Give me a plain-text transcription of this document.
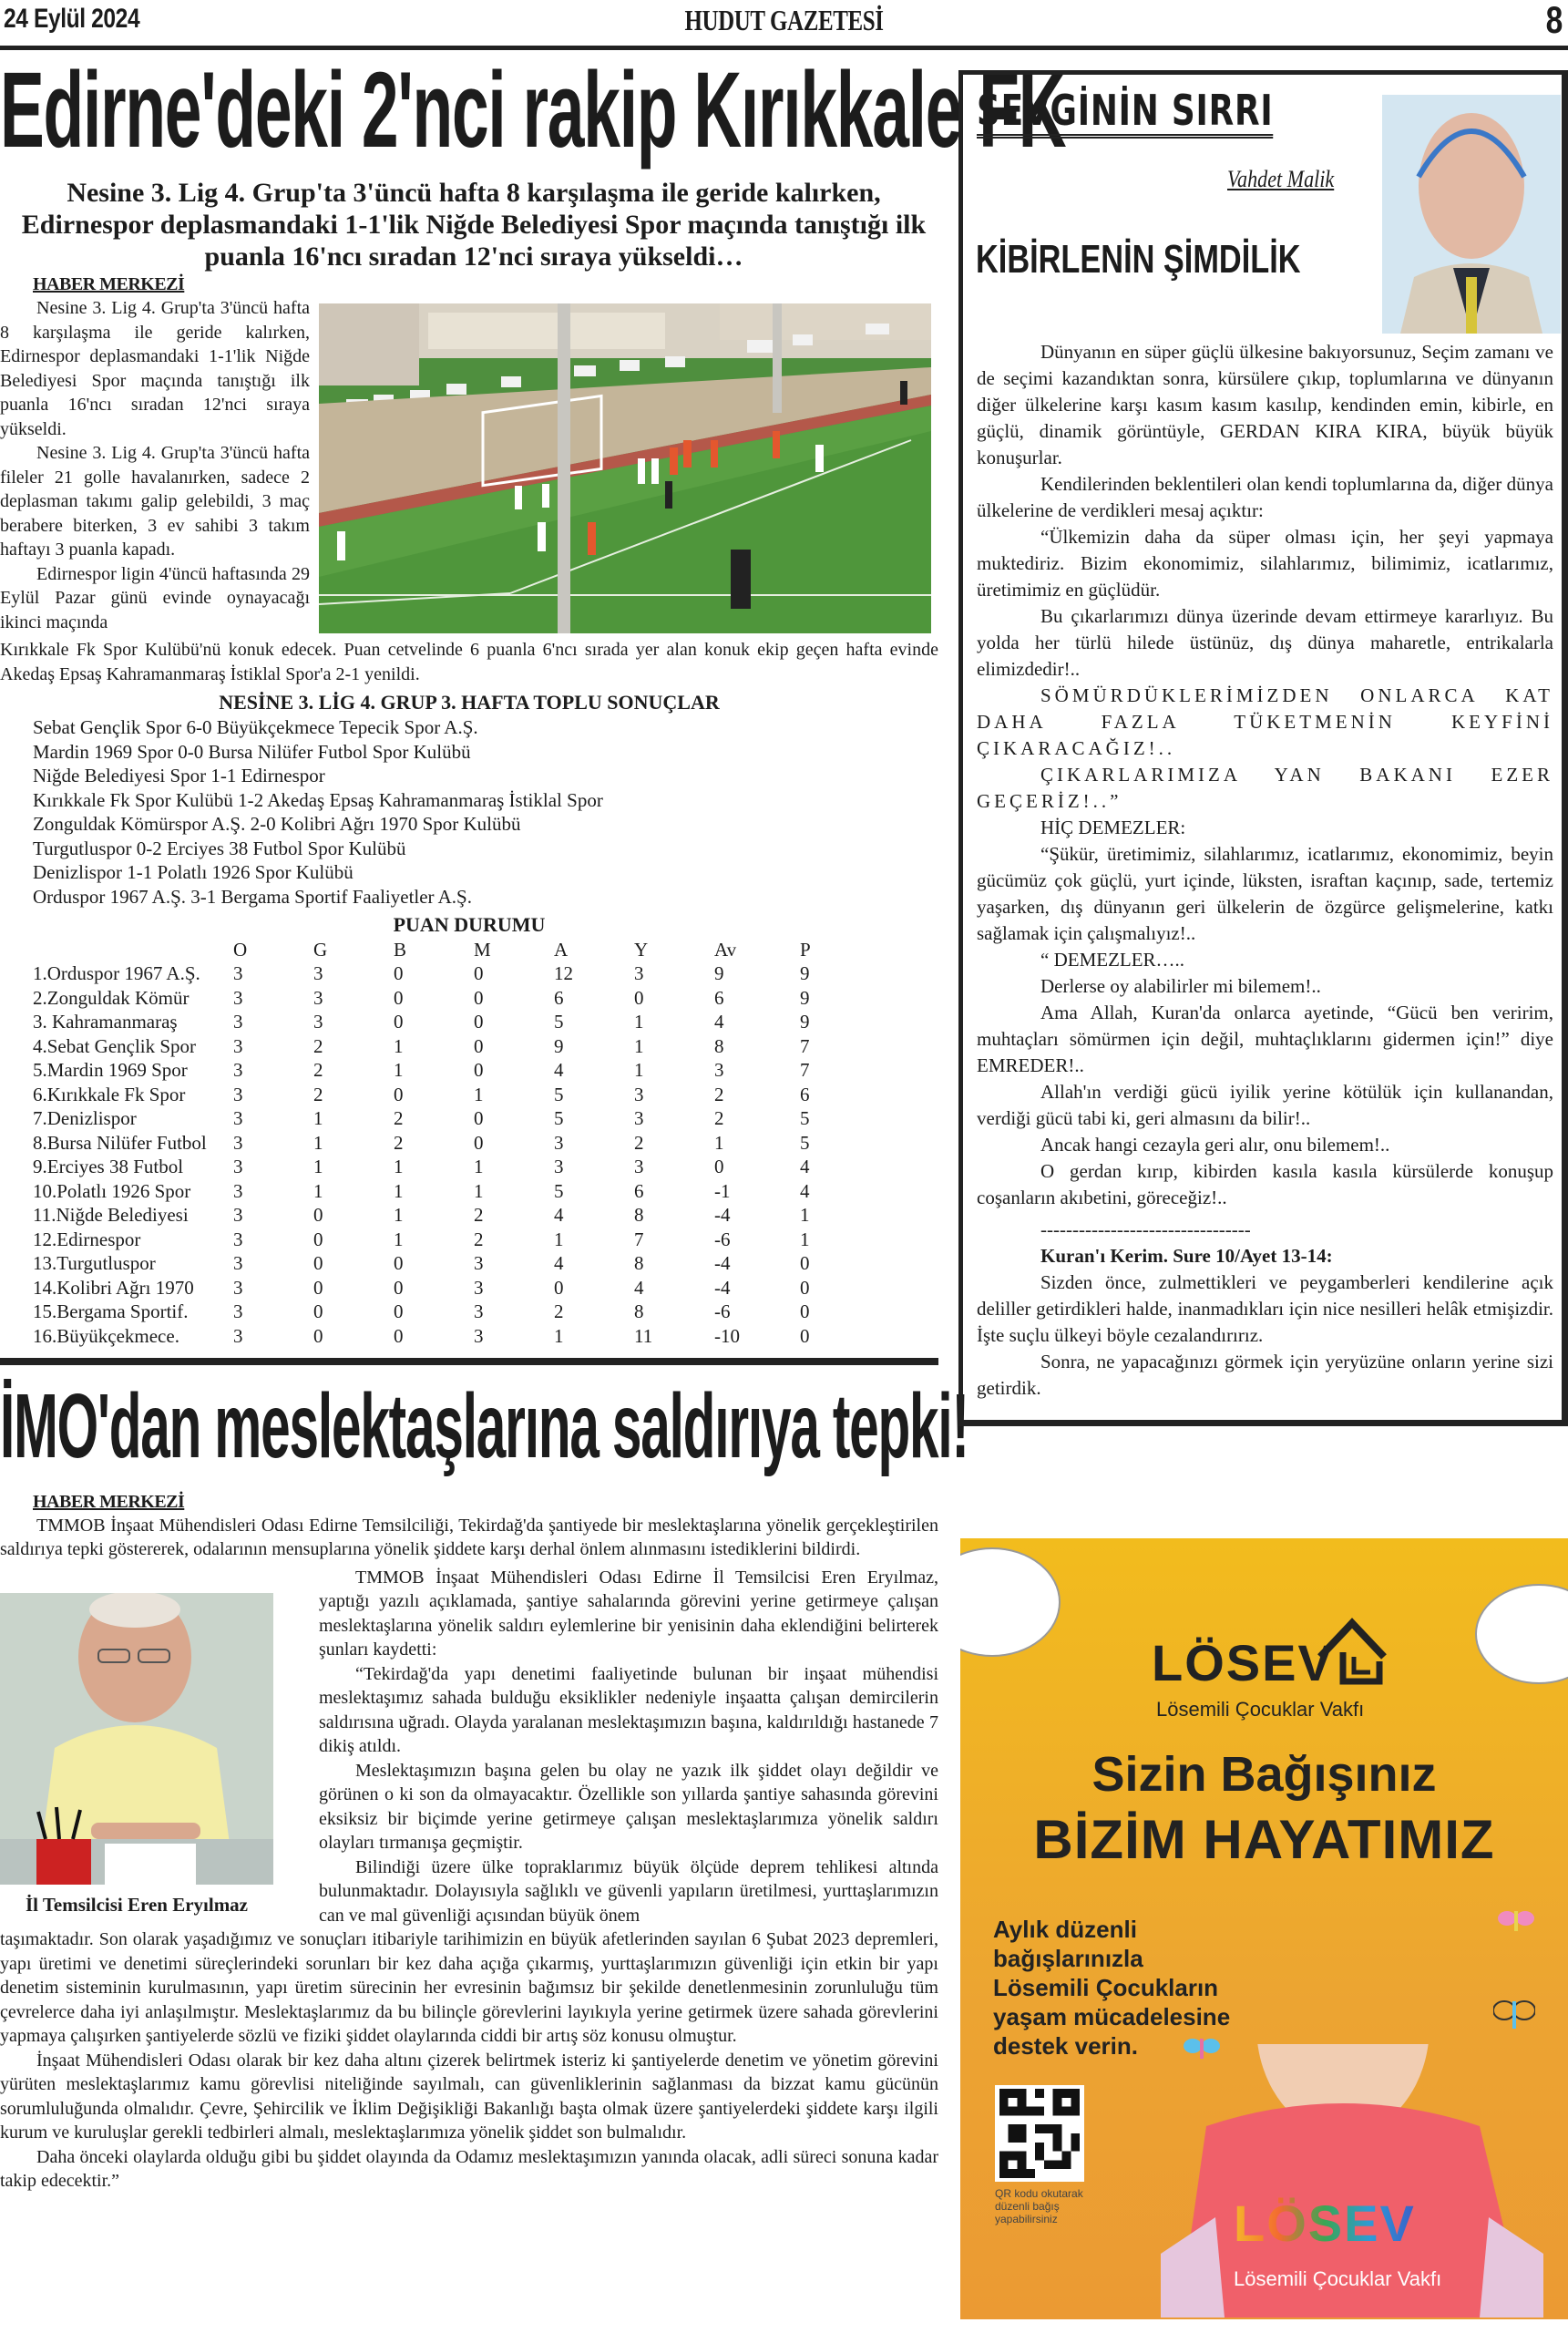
24 Eylül 2024	HUDUT GAZETESİ	8
Edirne'deki 2'nci rakip Kırıkkale FK
Nesine 3. Lig 4. Grup'ta 3'üncü hafta 8 karşılaşma ile geride kalırken, Edirnespor deplasmandaki 1-1'lik Niğde Belediyesi Spor maçında tanıştığı ilk puanla 16'ncı sıradan 12'nci sıraya yükseldi…
HABER MERKEZİ

Nesine 3. Lig 4. Grup'ta 3'üncü hafta 8 karşılaşma ile geride kalırken, Edirnespor deplasmandaki 1-1'lik Niğde Belediyesi Spor maçında tanıştığı ilk puanla 16'ncı sıradan 12'nci sıraya yükseldi.

Nesine 3. Lig 4. Grup'ta 3'üncü hafta fileler 21 golle havalanırken, sadece 2 deplasman takımı galip gelebildi, 3 maç berabere biterken, 3 ev sahibi 3 takım haftayı 3 puanla kapadı.

Edirnespor ligin 4'üncü haftasında 29 Eylül Pazar günü evinde oynayacağı ikinci maçında

Kırıkkale Fk Spor Kulübü'nü konuk edecek. Puan cetvelinde 6 puanla 6'ncı sırada yer alan konuk ekip geçen hafta evinde Akedaş Epsaş Kahramanmaraş İstiklal Spor'a 2-1 yenildi.

NESİNE 3. LİG 4. GRUP 3. HAFTA TOPLU SONUÇLAR
Sebat Gençlik Spor 6-0 Büyükçekmece Tepecik Spor A.Ş.
Mardin 1969 Spor 0-0 Bursa Nilüfer Futbol Spor Kulübü
Niğde Belediyesi Spor 1-1 Edirnespor
Kırıkkale Fk Spor Kulübü 1-2 Akedaş Epsaş Kahramanmaraş İstiklal Spor
Zonguldak Kömürspor A.Ş. 2-0 Kolibri Ağrı 1970 Spor Kulübü
Turgutluspor 0-2 Erciyes 38 Futbol Spor Kulübü
Denizlispor 1-1 Polatlı 1926 Spor Kulübü
Orduspor 1967 A.Ş. 3-1 Bergama Sportif Faaliyetler A.Ş.
PUAN DURUMU
	O	G	B	M	A	Y	Av	P
1.Orduspor 1967 A.Ş.	3	3	0	0	12	3	9	9
2.Zonguldak Kömür	3	3	0	0	6	0	6	9
3. Kahramanmaraş	3	3	0	0	5	1	4	9
4.Sebat Gençlik Spor	3	2	1	0	9	1	8	7
5.Mardin 1969 Spor	3	2	1	0	4	1	3	7
6.Kırıkkale Fk Spor	3	2	0	1	5	3	2	6
7.Denizlispor	3	1	2	0	5	3	2	5
8.Bursa Nilüfer Futbol	3	1	2	0	3	2	1	5
9.Erciyes 38 Futbol	3	1	1	1	3	3	0	4
10.Polatlı 1926 Spor	3	1	1	1	5	6	-1	4
11.Niğde Belediyesi	3	0	1	2	4	8	-4	1
12.Edirnespor	3	0	1	2	1	7	-6	1
13.Turgutluspor	3	0	0	3	4	8	-4	0
14.Kolibri Ağrı 1970	3	0	0	3	0	4	-4	0
15.Bergama Sportif.	3	0	0	3	2	8	-6	0
16.Büyükçekmece.	3	0	0	3	1	11	-10	0
İMO'dan meslektaşlarına saldırıya tepki!
HABER MERKEZİ

TMMOB İnşaat Mühendisleri Odası Edirne Temsilciliği, Tekirdağ'da şantiyede bir meslektaşlarına yönelik gerçekleştirilen saldırıya tepki göstererek, odalarının mensuplarına yönelik şiddete karşı derhal önlem alınmasını istediklerini bildirdi.

İl Temsilcisi Eren Eryılmaz

TMMOB İnşaat Mühendisleri Odası Edirne İl Temsilcisi Eren Eryılmaz, yaptığı yazılı açıklamada, şantiye sahalarında görevini yerine getirmeye çalışan meslektaşlarına yönelik saldırı eylemlerine bir yenisinin daha eklendiğini belirterek şunları kaydetti:

“Tekirdağ'da yapı denetimi faaliyetinde bulunan bir inşaat mühendisi meslektaşımız sahada bulduğu eksiklikler nedeniyle inşaatta çalışan demircilerin saldırısına uğradı. Olayda yaralanan meslektaşımızın başına, kaldırıldığı hastanede 7 dikiş atıldı.

Meslektaşımızın başına gelen bu olay ne yazık ilk şiddet olayı değildir ve görünen o ki son da olmayacaktır. Özellikle son yıllarda şantiye sahasında görevini eksiksiz bir biçimde yerine getirmeye çalışan meslektaşlarımıza yönelik saldırı olayları tırmanışa geçmiştir.

Bilindiği üzere ülke topraklarımız büyük ölçüde deprem tehlikesi altında bulunmaktadır. Dolayısıyla sağlıklı ve güvenli yapıların üretilmesi, yurttaşlarımızın can ve mal güvenliği açısından büyük önem

taşımaktadır. Son olarak yaşadığımız ve sonuçları itibariyle tarihimizin en büyük afetlerinden sayılan 6 Şubat 2023 depremleri, yapı üretimi ve denetimi süreçlerindeki sorunları bir kez daha açığa çıkarmış, yurttaşlarımızın güvenliği için etkin bir yapı denetim sisteminin kurulmasının, yapı üretim sürecinin her evresinin bağımsız bir şekilde denetlenmesinin zorunluluğu tüm çevrelerce daha iyi anlaşılmıştır. Meslektaşlarımız da bu bilinçle görevlerini layıkıyla yerine getirmek üzere sahada görevlerini yapmaya çalışırken şantiyelerde sözlü ve fiziki şiddet olaylarında ciddi bir artış söz konusu olmuştur.

İnşaat Mühendisleri Odası olarak bir kez daha altını çizerek belirtmek isteriz ki şantiyelerde denetim ve yönetim görevini yürüten meslektaşlarımız kamu görevlisi niteliğinde sayılmalı, can güvenliklerinin sağlanması da bizzat kamu gücünün sorumluluğunda olmalıdır. Çevre, Şehircilik ve İklim Değişikliği Bakanlığı başta olmak üzere şantiyelerdeki şiddete karşı ilgili kurum ve kuruluşlar gerekli tedbirleri almalı, meslektaşlarımıza yönelik şiddet son bulmalıdır.

Daha önceki olaylarda olduğu gibi bu şiddet olayında da Odamız meslektaşımızın yanında olacak, adli süreci sonuna kadar takip edecektir.”

SEVGİNİN SIRRI
Vahdet Malik
KİBİRLENİN ŞİMDİLİK

Dünyanın en süper güçlü ülkesine bakıyorsunuz, Seçim zamanı ve de seçimi kazandıktan sonra, kürsülere çıkıp, toplumlarına ve dünyanın diğer ülkelerine karşı kasım kasım kasılıp, kendinden emin, kibirle, en güçlü, dinamik görüntüyle, GERDAN KIRA KIRA, büyük büyük konuşurlar.

Kendilerinden beklentileri olan kendi toplumlarına da, diğer dünya ülkelerine de verdikleri mesaj açıktır:

“Ülkemizin daha da süper olması için, her şeyi yapmaya muktediriz. Bizim ekonomimiz, silahlarımız, bilimimiz, icatlarımız, üretimimiz en güçlüdür.

Bu çıkarlarımızı dünya üzerinde devam ettirmeye kararlıyız. Bu yolda her türlü hilede üstünüz, dış dünya maharetle, entrikalarla elimizdedir!..

SÖMÜRDÜKLERİMİZDEN ONLARCA KAT DAHA FAZLA TÜKETMENİN KEYFİNİ ÇIKARACAĞIZ!..

ÇIKARLARIMIZA YAN BAKANI EZER GEÇERİZ!..”

HİÇ DEMEZLER:

“Şükür, üretimimiz, silahlarımız, icatlarımız, ekonomimiz, beyin gücümüz çok güçlü, yurt içinde, lüksten, israftan kaçınıp, sade, tertemiz yaşarken, dış dünyanın geri ülkelerin de özgürce gelişmelerine, katkı sağlamak için çalışmalıyız!..

“ DEMEZLER…..

Derlerse oy alabilirler mi bilemem!..

Ama Allah, Kuran'da onlarca ayetinde, “Gücü ben veririm, muhtaçları sömürmen için değil, muhtaçlıklarını gidermen için!” diye EMREDER!..

Allah'ın verdiği gücü iyilik yerine kötülük için kullanandan, verdiği gücü tabi ki, geri almasını da bilir!..

Ancak hangi cezayla geri alır, onu bilemem!..

O gerdan kırıp, kibirden kasıla kasıla kürsülerde konuşup coşanların akıbetini, göreceğiz!..

---------------------------------

Kuran'ı Kerim. Sure 10/Ayet 13-14:

Sizden önce, zulmettikleri ve peygamberleri kendilerine açık deliller getirdikleri halde, inanmadıkları için nice nesilleri helâk etmişizdir. İşte suçlu ülkeyi böyle cezalandırırız.

Sonra, ne yapacağınızı görmek için yeryüzüne onların yerine sizi getirdik.

LÖSEV
Lösemili Çocuklar Vakfı
Sizin Bağışınız
BİZİM HAYATIMIZ
Aylık düzenli
bağışlarınızla
Lösemili Çocukların
yaşam mücadelesine
destek verin.
LÖSEV
Lösemili Çocuklar Vakfı
QR kodu okutarak düzenli bağış yapabilirsiniz
